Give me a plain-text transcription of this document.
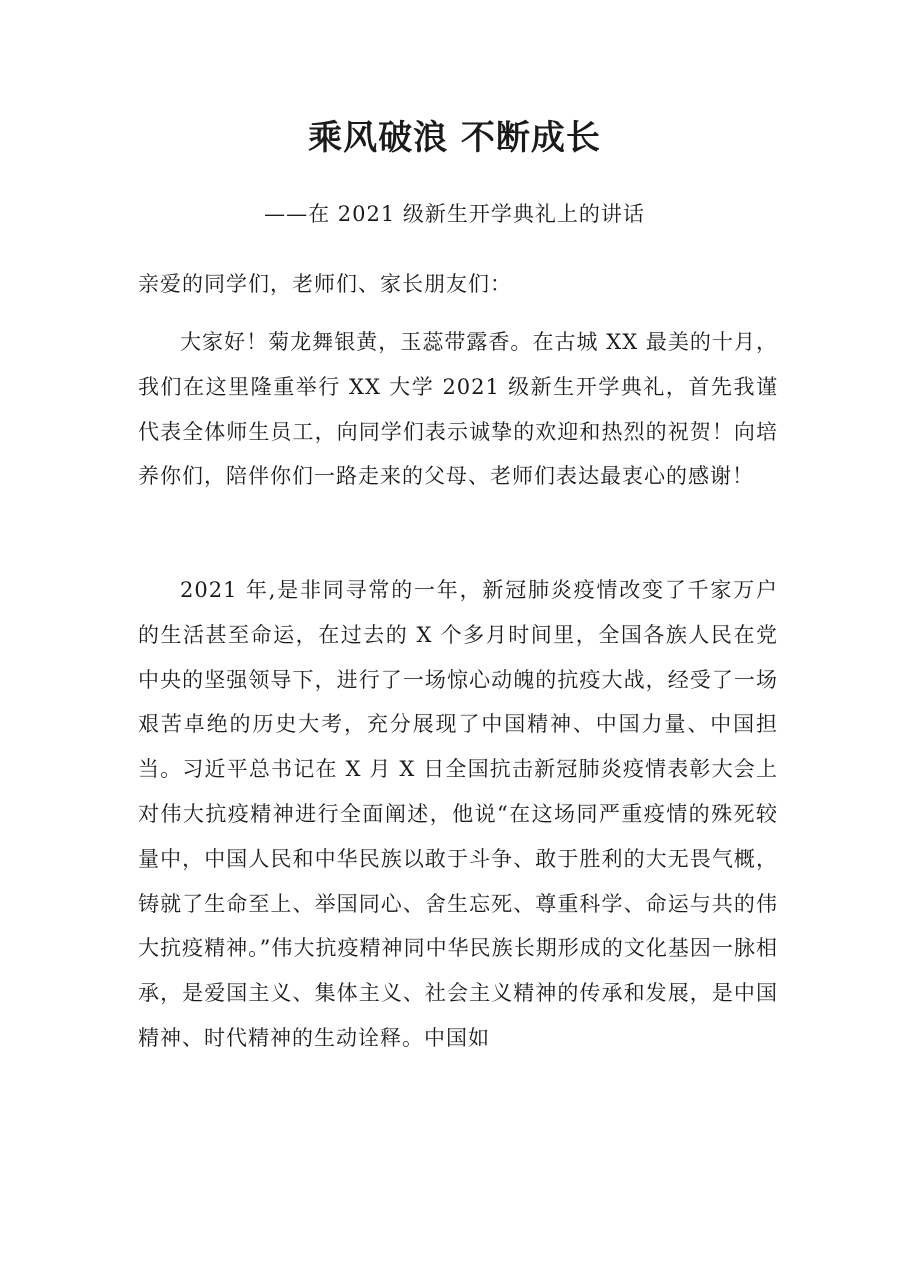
乘风破浪 不断成长

——在 2021 级新生开学典礼上的讲话

亲爱的同学们，老师们、家长朋友们：

大家好！菊龙舞银黄，玉蕊带露香。在古城 XX 最美的十月，我们在这里隆重举行 XX 大学 2021 级新生开学典礼，首先我谨代表全体师生员工，向同学们表示诚挚的欢迎和热烈的祝贺！向培养你们，陪伴你们一路走来的父母、老师们表达最衷心的感谢！

2021 年,是非同寻常的一年，新冠肺炎疫情改变了千家万户的生活甚至命运，在过去的 X 个多月时间里，全国各族人民在党中央的坚强领导下，进行了一场惊心动魄的抗疫大战，经受了一场艰苦卓绝的历史大考，充分展现了中国精神、中国力量、中国担当。习近平总书记在 X 月 X 日全国抗击新冠肺炎疫情表彰大会上对伟大抗疫精神进行全面阐述，他说“在这场同严重疫情的殊死较量中，中国人民和中华民族以敢于斗争、敢于胜利的大无畏气概，铸就了生命至上、举国同心、舍生忘死、尊重科学、命运与共的伟大抗疫精神。”伟大抗疫精神同中华民族长期形成的文化基因一脉相承，是爱国主义、集体主义、社会主义精神的传承和发展，是中国精神、时代精神的生动诠释。中国如
